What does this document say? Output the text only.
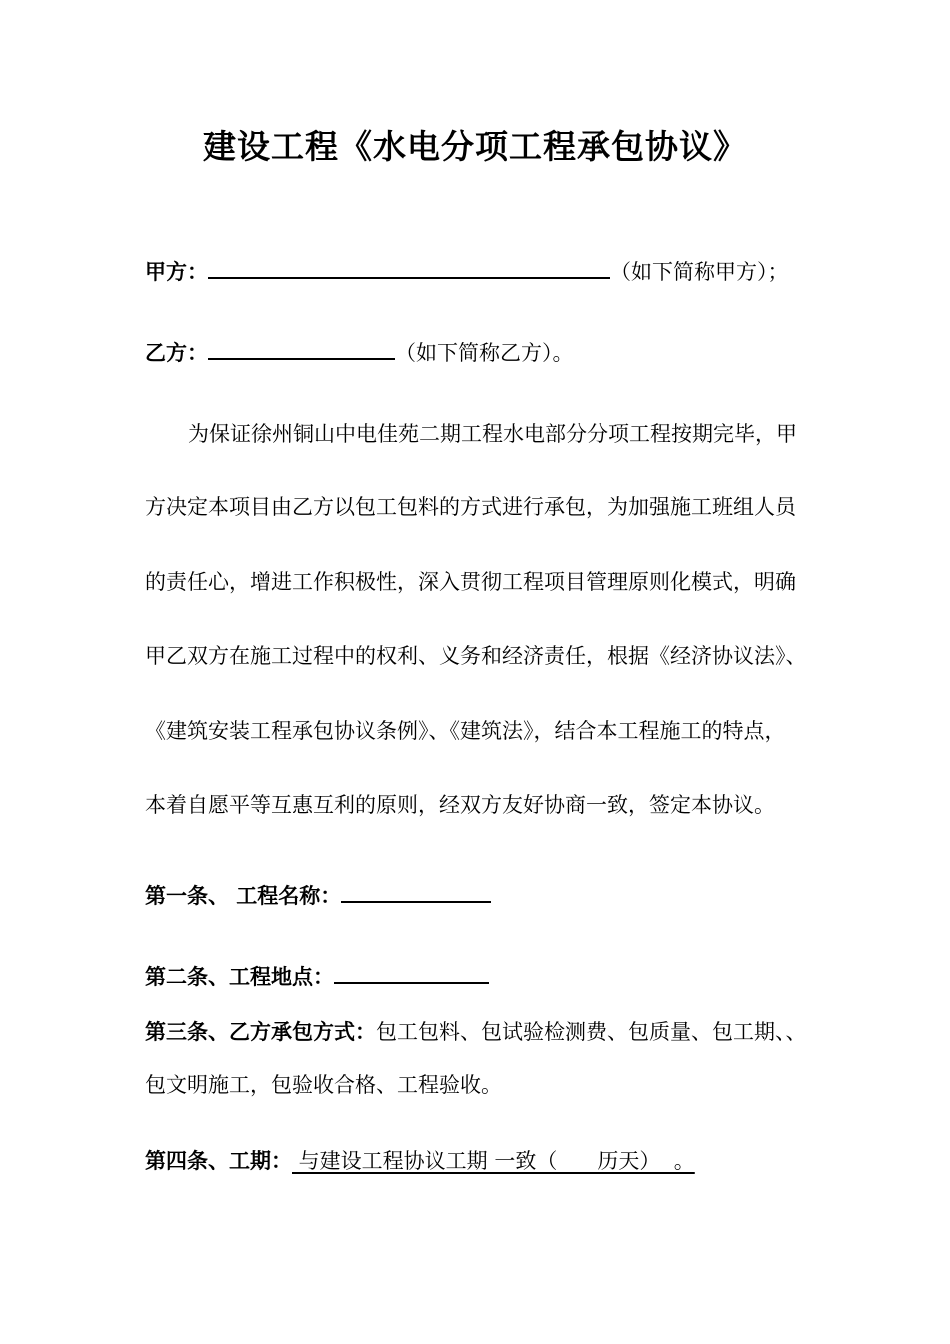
建设工程《水电分项工程承包协议》
甲方：	（如下简称甲方）；
乙方：	（如下简称乙方）。
为保证徐州铜山中电佳苑二期工程水电部分分项工程按期完毕，甲
方决定本项目由乙方以包工包料的方式进行承包，为加强施工班组人员
的责任心，增进工作积极性，深入贯彻工程项目管理原则化模式，明确
甲乙双方在施工过程中的权利、义务和经济责任，根据《经济协议法》、
《建筑安装工程承包协议条例》、《建筑法》，结合本工程施工的特点，
本着自愿平等互惠互利的原则，经双方友好协商一致，签定本协议。
第一条、 工程名称：
第二条、工程地点：
第三条、乙方承包方式：包工包料、包试验检测费、包质量、包工期、、
包文明施工，包验收合格、工程验收。
第四条、工期： 与建设工程协议工期 一致（      历天）  。
